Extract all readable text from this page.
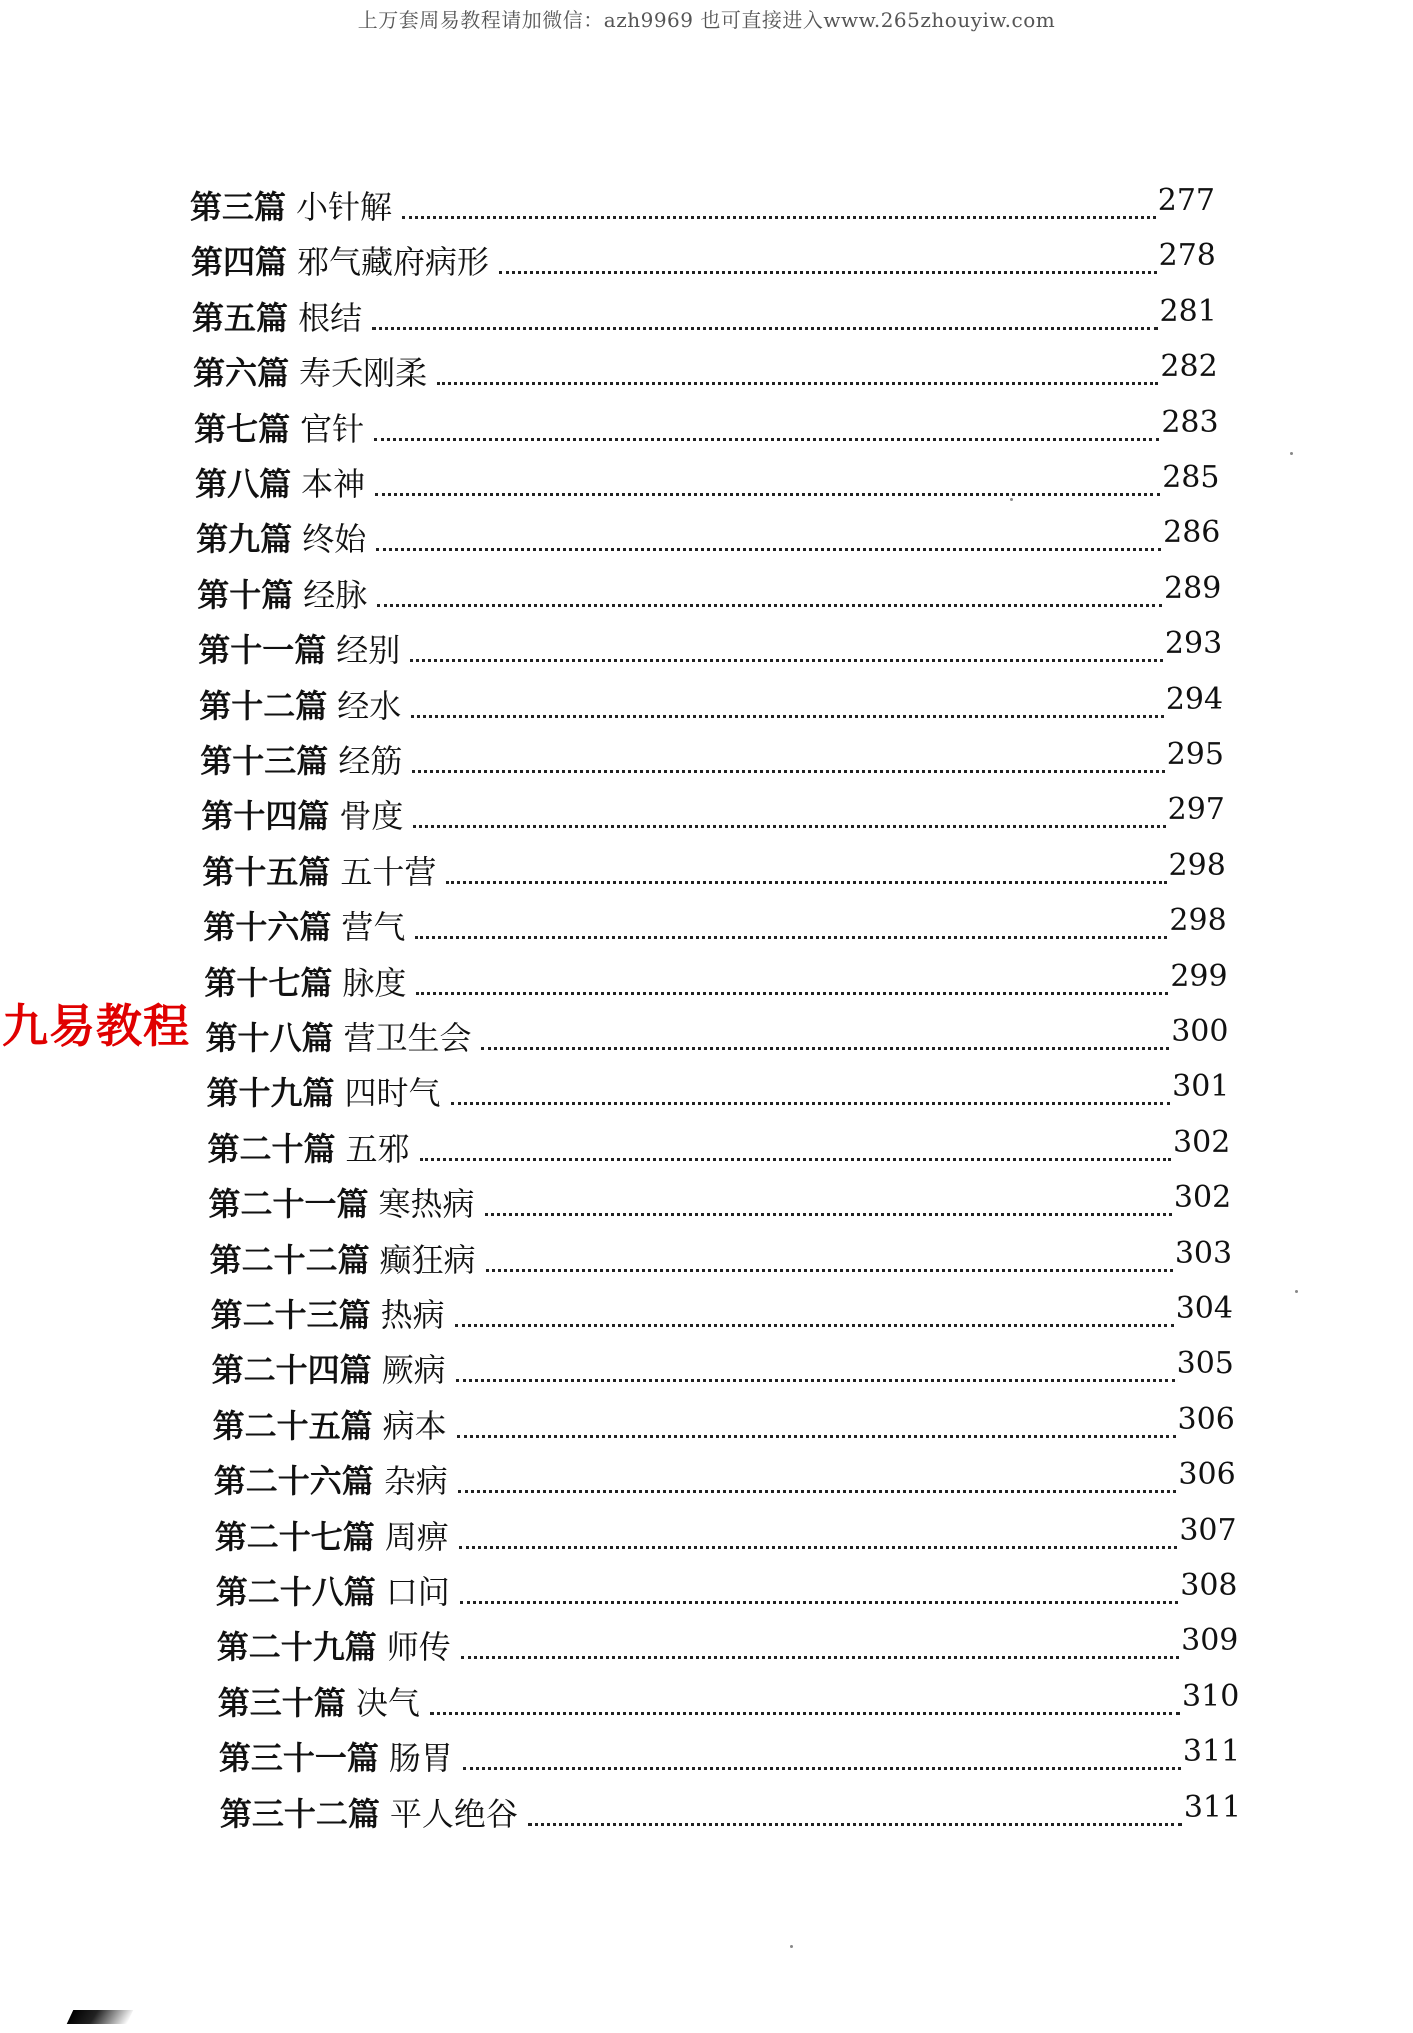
上万套周易教程请加微信：azh9969 也可直接进入www.265zhouyiw.com
九易教程
第三篇 小针解	277
第四篇 邪气藏府病形	278
第五篇 根结	281
第六篇 寿夭刚柔	282
第七篇 官针	283
第八篇 本神	285
第九篇 终始	286
第十篇 经脉	289
第十一篇 经别	293
第十二篇 经水	294
第十三篇 经筋	295
第十四篇 骨度	297
第十五篇 五十营	298
第十六篇 营气	298
第十七篇 脉度	299
第十八篇 营卫生会	300
第十九篇 四时气	301
第二十篇 五邪	302
第二十一篇 寒热病	302
第二十二篇 癫狂病	303
第二十三篇 热病	304
第二十四篇 厥病	305
第二十五篇 病本	306
第二十六篇 杂病	306
第二十七篇 周痹	307
第二十八篇 口问	308
第二十九篇 师传	309
第三十篇 决气	310
第三十一篇 肠胃	311
第三十二篇 平人绝谷	311
